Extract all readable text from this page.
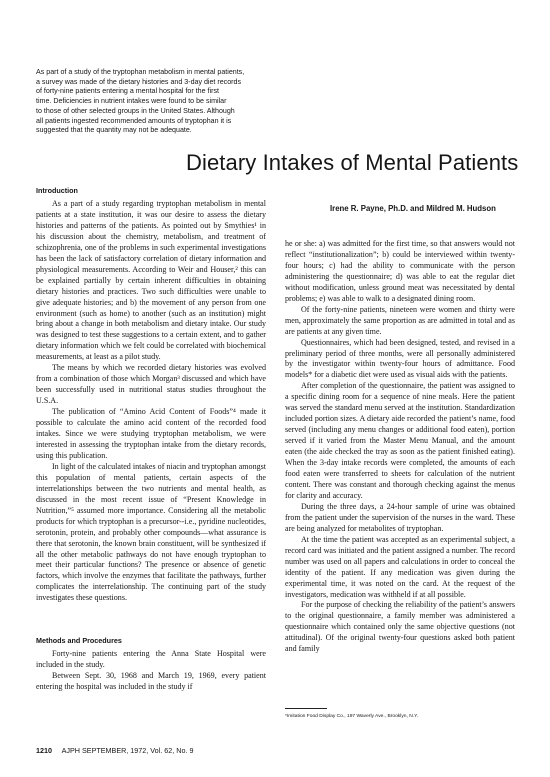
As part of a study of the tryptophan metabolism in mental patients,
a survey was made of the dietary histories and 3-day diet records
of forty-nine patients entering a mental hospital for the first
time. Deficiencies in nutrient intakes were found to be similar
to those of other selected groups in the United States. Although
all patients ingested recommended amounts of tryptophan it is
suggested that the quantity may not be adequate.
Dietary Intakes of Mental Patients
Introduction
Irene R. Payne, Ph.D. and Mildred M. Hudson

As a part of a study regarding tryptophan metabolism in mental patients at a state institution, it was our desire to assess the dietary histories and patterns of the patients. As pointed out by Smythies¹ in his discussion about the chemistry, metabolism, and treatment of schizophrenia, one of the problems in such experimental investigations has been the lack of satisfactory correlation of dietary information and physiological measurements. According to Weir and Houser,² this can be explained partially by certain inherent difficulties in obtaining dietary histories and practices. Two such difficulties were unable to give adequate histories; and b) the movement of any person from one environment (such as home) to another (such as an institution) might bring about a change in both metabolism and dietary intake. Our study was designed to test these suggestions to a certain extent, and to gather dietary information which we felt could be correlated with biochemical measurements, at least as a pilot study.

The means by which we recorded dietary histories was evolved from a combination of those which Morgan³ discussed and which have been successfully used in nutritional status studies throughout the U.S.A.

The publication of “Amino Acid Content of Foods”⁴ made it possible to calculate the amino acid content of the recorded food intakes. Since we were studying tryptophan metabolism, we were interested in assessing the tryptophan intake from the dietary records, using this publication.

In light of the calculated intakes of niacin and tryptophan amongst this population of mental patients, certain aspects of the interrelationships between the two nutrients and mental health, as discussed in the most recent issue of “Present Knowledge in Nutrition,”⁵ assumed more importance. Considering all the metabolic products for which tryptophan is a precursor--i.e., pyridine nucleotides, serotonin, protein, and probably other compounds—what assurance is there that serotonin, the known brain constituent, will be synthesized if all the other metabolic pathways do not have enough tryptophan to meet their particular functions? The presence or absence of genetic factors, which involve the enzymes that facilitate the pathways, further complicates the interrelationship. The continuing part of the study investigates these questions.

Methods and Procedures

Forty-nine patients entering the Anna State Hospital were included in the study.

Between Sept. 30, 1968 and March 19, 1969, every patient entering the hospital was included in the study if

he or she: a) was admitted for the first time, so that answers would not reflect “institutionalization”; b) could be interviewed within twenty-four hours; c) had the ability to communicate with the person administering the questionnaire; d) was able to eat the regular diet without modification, unless ground meat was necessitated by dental problems; e) was able to walk to a designated dining room.

Of the forty-nine patients, nineteen were women and thirty were men, approximately the same proportion as are admitted in total and as are patients at any given time.

Questionnaires, which had been designed, tested, and revised in a preliminary period of three months, were all personally administered by the investigator within twenty-four hours of admittance. Food models* for a diabetic diet were used as visual aids with the patients.

After completion of the questionnaire, the patient was assigned to a specific dining room for a sequence of nine meals. Here the patient was served the standard menu served at the institution. Standardization included portion sizes. A dietary aide recorded the patient’s name, food served (including any menu changes or additional food eaten), portion served if it varied from the Master Menu Manual, and the amount eaten (the aide checked the tray as soon as the patient finished eating). When the 3-day intake records were completed, the amounts of each food eaten were transferred to sheets for calculation of the nutrient content. There was constant and thorough checking against the menus for clarity and accuracy.

During the three days, a 24-hour sample of urine was obtained from the patient under the supervision of the nurses in the ward. These are being analyzed for metabolites of tryptophan.

At the time the patient was accepted as an experimental subject, a record card was initiated and the patient assigned a number. The record number was used on all papers and calculations in order to conceal the identity of the patient. If any medication was given during the experimental time, it was noted on the card. At the request of the investigators, medication was withheld if at all possible.

For the purpose of checking the reliability of the patient’s answers to the original questionnaire, a family member was administered a questionnaire which contained only the same objective questions (not attitudinal). Of the original twenty-four questions asked both patient and family

*Imitation Food Display Co., 197 Waverly Ave., Brooklyn, N.Y.
1210 AJPH SEPTEMBER, 1972, Vol. 62, No. 9
